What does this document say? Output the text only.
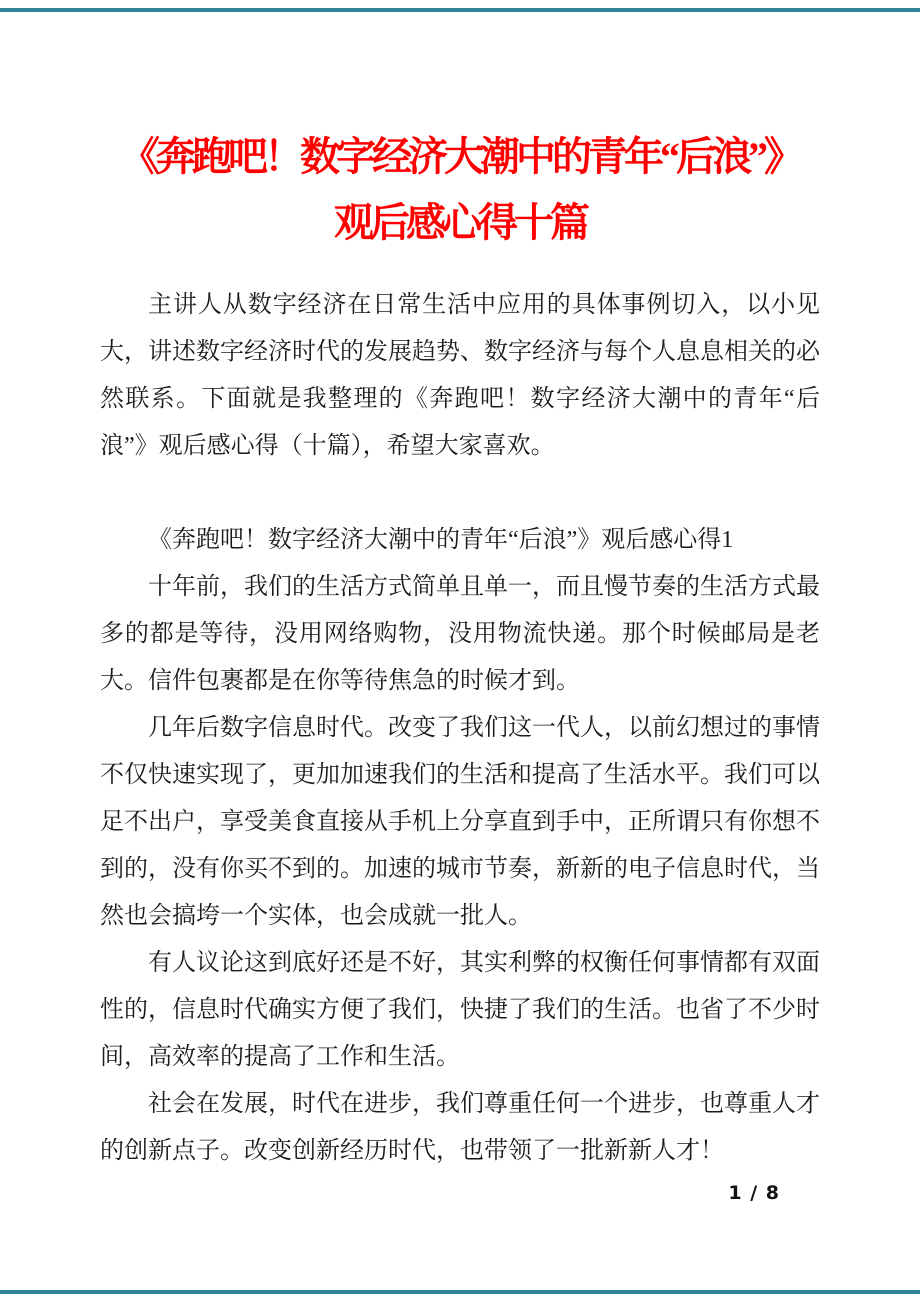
《奔跑吧！数字经济大潮中的青年“后浪”》
观后感心得十篇

主讲人从数字经济在日常生活中应用的具体事例切入，以小见大，讲述数字经济时代的发展趋势、数字经济与每个人息息相关的必然联系。下面就是我整理的《奔跑吧！数字经济大潮中的青年“后浪”》观后感心得（十篇），希望大家喜欢。

《奔跑吧！数字经济大潮中的青年“后浪”》观后感心得1

十年前，我们的生活方式简单且单一，而且慢节奏的生活方式最多的都是等待，没用网络购物，没用物流快递。那个时候邮局是老大。信件包裹都是在你等待焦急的时候才到。

几年后数字信息时代。改变了我们这一代人，以前幻想过的事情不仅快速实现了，更加加速我们的生活和提高了生活水平。我们可以足不出户，享受美食直接从手机上分享直到手中，正所谓只有你想不到的，没有你买不到的。加速的城市节奏，新新的电子信息时代，当然也会搞垮一个实体，也会成就一批人。

有人议论这到底好还是不好，其实利弊的权衡任何事情都有双面性的，信息时代确实方便了我们，快捷了我们的生活。也省了不少时间，高效率的提高了工作和生活。

社会在发展，时代在进步，我们尊重任何一个进步，也尊重人才的创新点子。改变创新经历时代，也带领了一批新新人才！

1 / 8
